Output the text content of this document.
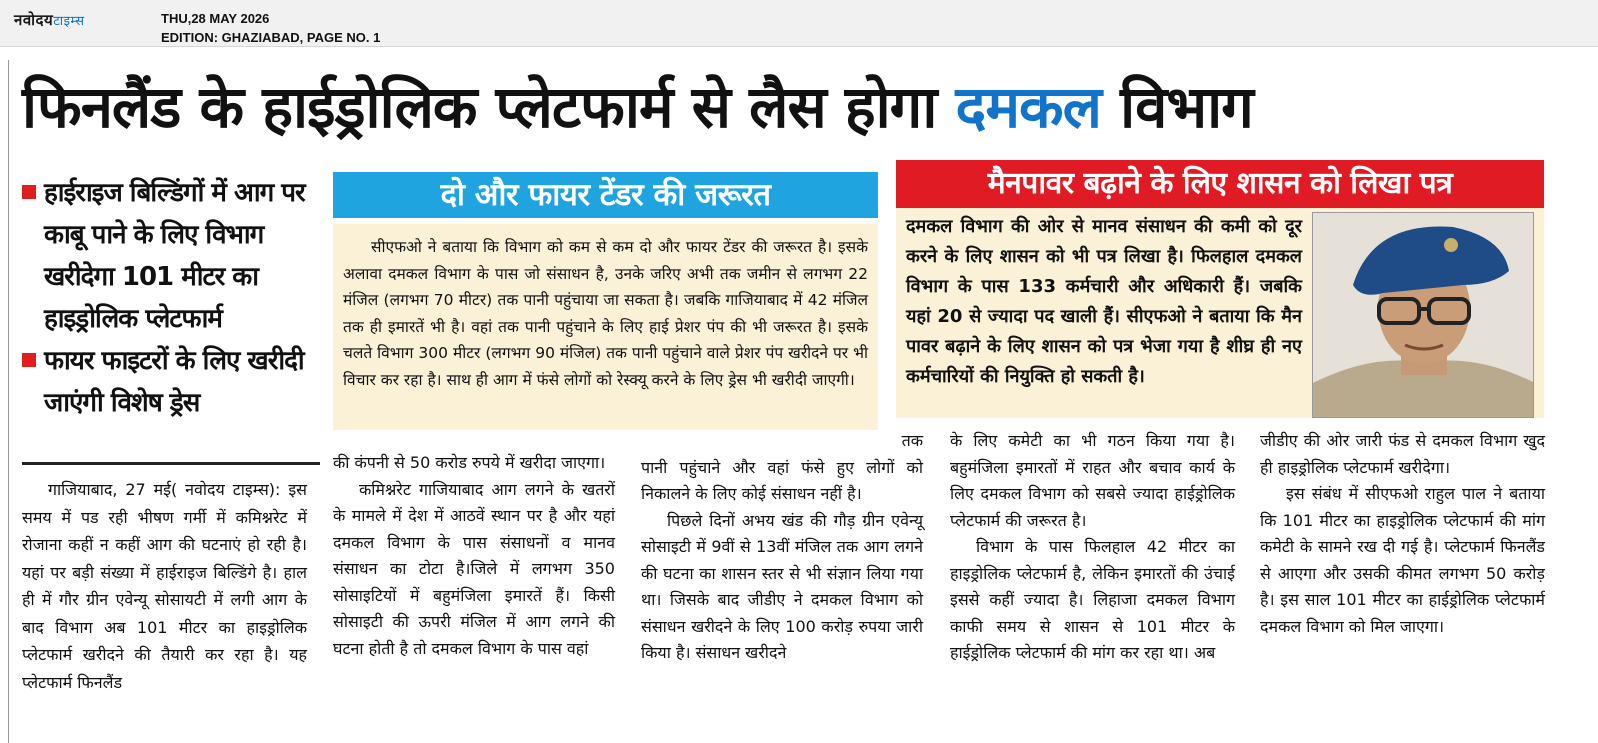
नवोदयटाइम्स	THU,28 MAY 2026
EDITION: GHAZIABAD, PAGE NO. 1
फिनलैंड के हाईड्रोलिक प्लेटफार्म से लैस होगा दमकल विभाग
हाईराइज बिल्डिंगों में आग पर काबू पाने के लिए विभाग खरीदेगा 101 मीटर का हाइड्रोलिक प्लेटफार्म
फायर फाइटरों के लिए खरीदी जाएंगी विशेष ड्रेस

गाजियाबाद, 27 मई( नवोदय टाइम्स): इस समय में पड रही भीषण गर्मी में कमिश्नरेट में रोजाना कहीं न कहीं आग की घटनाएं हो रही है। यहां पर बड़ी संख्या में हाईराइज बिल्डिंगे है। हाल ही में गौर ग्रीन एवेन्यू सोसायटी में लगी आग के बाद विभाग अब 101 मीटर का हाइड्रोलिक प्लेटफार्म खरीदने की तैयारी कर रहा है। यह प्लेटफार्म फिनलैंड

दो और फायर टेंडर की जरूरत

सीएफओ ने बताया कि विभाग को कम से कम दो और फायर टेंडर की जरूरत है। इसके अलावा दमकल विभाग के पास जो संसाधन है, उनके जरिए अभी तक जमीन से लगभग 22 मंजिल (लगभग 70 मीटर) तक पानी पहुंचाया जा सकता है। जबकि गाजियाबाद में 42 मंजिल तक ही इमारतें भी है। वहां तक पानी पहुंचाने के लिए हाई प्रेशर पंप की भी जरूरत है। इसके चलते विभाग 300 मीटर (लगभग 90 मंजिल) तक पानी पहुंचाने वाले प्रेशर पंप खरीदने पर भी विचार कर रहा है। साथ ही आग में फंसे लोगों को रेस्क्यू करने के लिए ड्रेस भी खरीदी जाएगी।

मैनपावर बढ़ाने के लिए शासन को लिखा पत्र
दमकल विभाग की ओर से मानव संसाधन की कमी को दूर करने के लिए शासन को भी पत्र लिखा है। फिलहाल दमकल विभाग के पास 133 कर्मचारी और अधिकारी हैं। जबकि यहां 20 से ज्यादा पद खाली हैं। सीएफओ ने बताया कि मैन पावर बढ़ाने के लिए शासन को पत्र भेजा गया है शीघ्र ही नए कर्मचारियों की नियुक्ति हो सकती है।

की कंपनी से 50 करोड रुपये में खरीदा जाएगा।

कमिश्नरेट गाजियाबाद आग लगने के खतरों के मामले में देश में आठवें स्थान पर है और यहां दमकल विभाग के पास संसाधनों व मानव संसाधन का टोटा है।जिले में लगभग 350 सोसाइटियों में बहुमंजिला इमारतें हैं। किसी सोसाइटी की ऊपरी मंजिल में आग लगने की घटना होती है तो दमकल विभाग के पास वहां

तक

पानी पहुंचाने और वहां फंसे हुए लोगों को निकालने के लिए कोई संसाधन नहीं है।

पिछले दिनों अभय खंड की गौड़ ग्रीन एवेन्यू सोसाइटी में 9वीं से 13वीं मंजिल तक आग लगने की घटना का शासन स्तर से भी संज्ञान लिया गया था। जिसके बाद जीडीए ने दमकल विभाग को संसाधन खरीदने के लिए 100 करोड़ रुपया जारी किया है। संसाधन खरीदने

के लिए कमेटी का भी गठन किया गया है। बहुमंजिला इमारतों में राहत और बचाव कार्य के लिए दमकल विभाग को सबसे ज्यादा हाईड्रोलिक प्लेटफार्म की जरूरत है।

विभाग के पास फिलहाल 42 मीटर का हाइड्रोलिक प्लेटफार्म है, लेकिन इमारतों की उंचाई इससे कहीं ज्यादा है। लिहाजा दमकल विभाग काफी समय से शासन से 101 मीटर के हाईड्रोलिक प्लेटफार्म की मांग कर रहा था। अब

जीडीए की ओर जारी फंड से दमकल विभाग खुद ही हाइड्रोलिक प्लेटफार्म खरीदेगा।

इस संबंध में सीएफओ राहुल पाल ने बताया कि 101 मीटर का हाइड्रोलिक प्लेटफार्म की मांग कमेटी के सामने रख दी गई है। प्लेटफार्म फिनलैंड से आएगा और उसकी कीमत लगभग 50 करोड़ है। इस साल 101 मीटर का हाईड्रोलिक प्लेटफार्म दमकल विभाग को मिल जाएगा।
